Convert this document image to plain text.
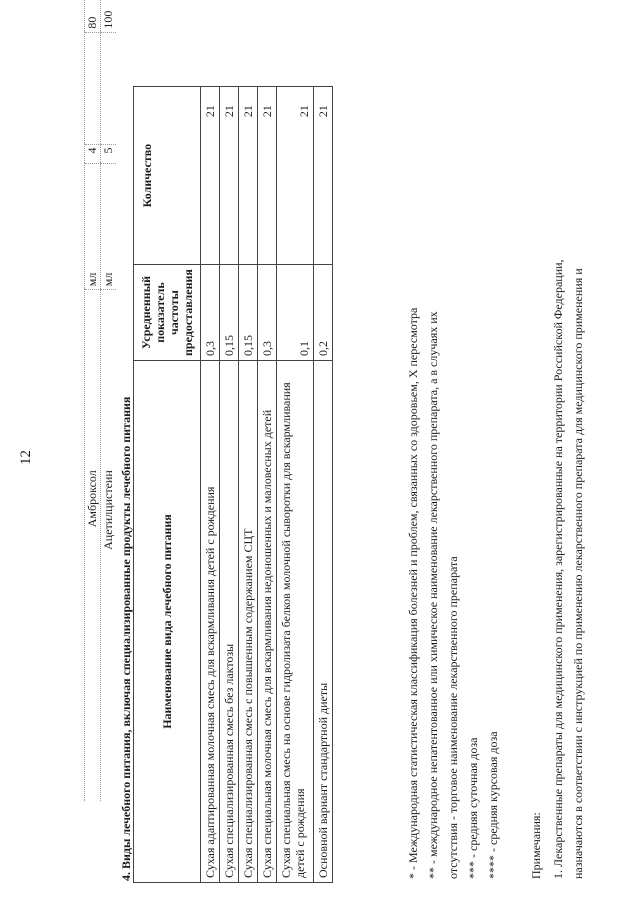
12
Амброксол	мл	4		80
Ацетилцистеин	мл	5		100
4. Виды лечебного питания, включая специализированные продукты лечебного питания Наименование вида лечебного питания	Усредненный показатель частоты предоставления	Количество
Сухая адаптированная молочная смесь для вскармливания детей с рождения	0,3	21
Сухая специализированная смесь без лактозы	0,15	21
Сухая специализированная смесь с повышенным содержанием СЦТ	0,15	21
Сухая специальная молочная смесь для вскармливания недоношенных и маловесных детей	0,3	21
Сухая специальная смесь на основе гидролизата белков молочной сыворотки для вскармливания детей с рождения	0,1	21
Основной вариант стандартной диеты	0,2	21
* - Международная статистическая классификация болезней и проблем, связанных со здоровьем, X пересмотра ** - международное непатентованное или химическое наименование лекарственного препарата, а в случаях их отсутствия - торговое наименование лекарственного препарата *** - средняя суточная доза **** - средняя курсовая доза Примечания: 1. Лекарственные препараты для медицинского применения, зарегистрированные на территории Российской Федерации, назначаются в соответствии с инструкцией по применению лекарственного препарата для медицинского применения и
